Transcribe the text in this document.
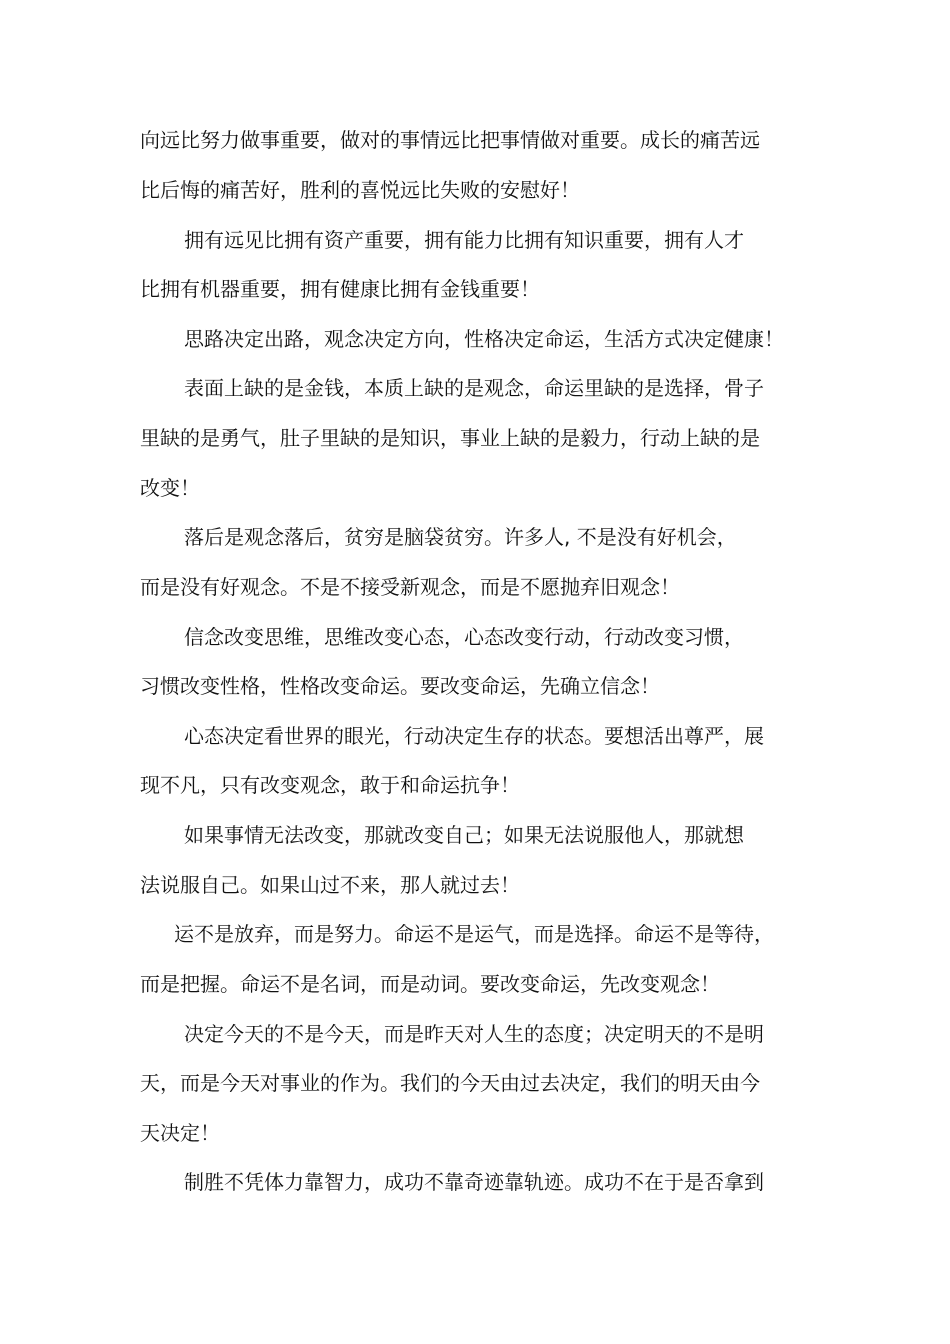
向远比努力做事重要，做对的事情远比把事情做对重要。成长的痛苦远
比后悔的痛苦好，胜利的喜悦远比失败的安慰好！
拥有远见比拥有资产重要，拥有能力比拥有知识重要，拥有人才
比拥有机器重要，拥有健康比拥有金钱重要！
思路决定出路，观念决定方向，性格决定命运，生活方式决定健康！
表面上缺的是金钱，本质上缺的是观念，命运里缺的是选择，骨子
里缺的是勇气，肚子里缺的是知识，事业上缺的是毅力，行动上缺的是
改变！
落后是观念落后，贫穷是脑袋贫穷。许多人, 不是没有好机会，
而是没有好观念。不是不接受新观念，而是不愿抛弃旧观念！
信念改变思维，思维改变心态，心态改变行动，行动改变习惯，
习惯改变性格，性格改变命运。要改变命运，先确立信念！
心态决定看世界的眼光，行动决定生存的状态。要想活出尊严，展
现不凡，只有改变观念，敢于和命运抗争！
如果事情无法改变，那就改变自己；如果无法说服他人，那就想
法说服自己。如果山过不来，那人就过去！
运不是放弃，而是努力。命运不是运气，而是选择。命运不是等待，
而是把握。命运不是名词，而是动词。要改变命运，先改变观念！
决定今天的不是今天，而是昨天对人生的态度；决定明天的不是明
天，而是今天对事业的作为。我们的今天由过去决定，我们的明天由今
天决定！
制胜不凭体力靠智力，成功不靠奇迹靠轨迹。成功不在于是否拿到
